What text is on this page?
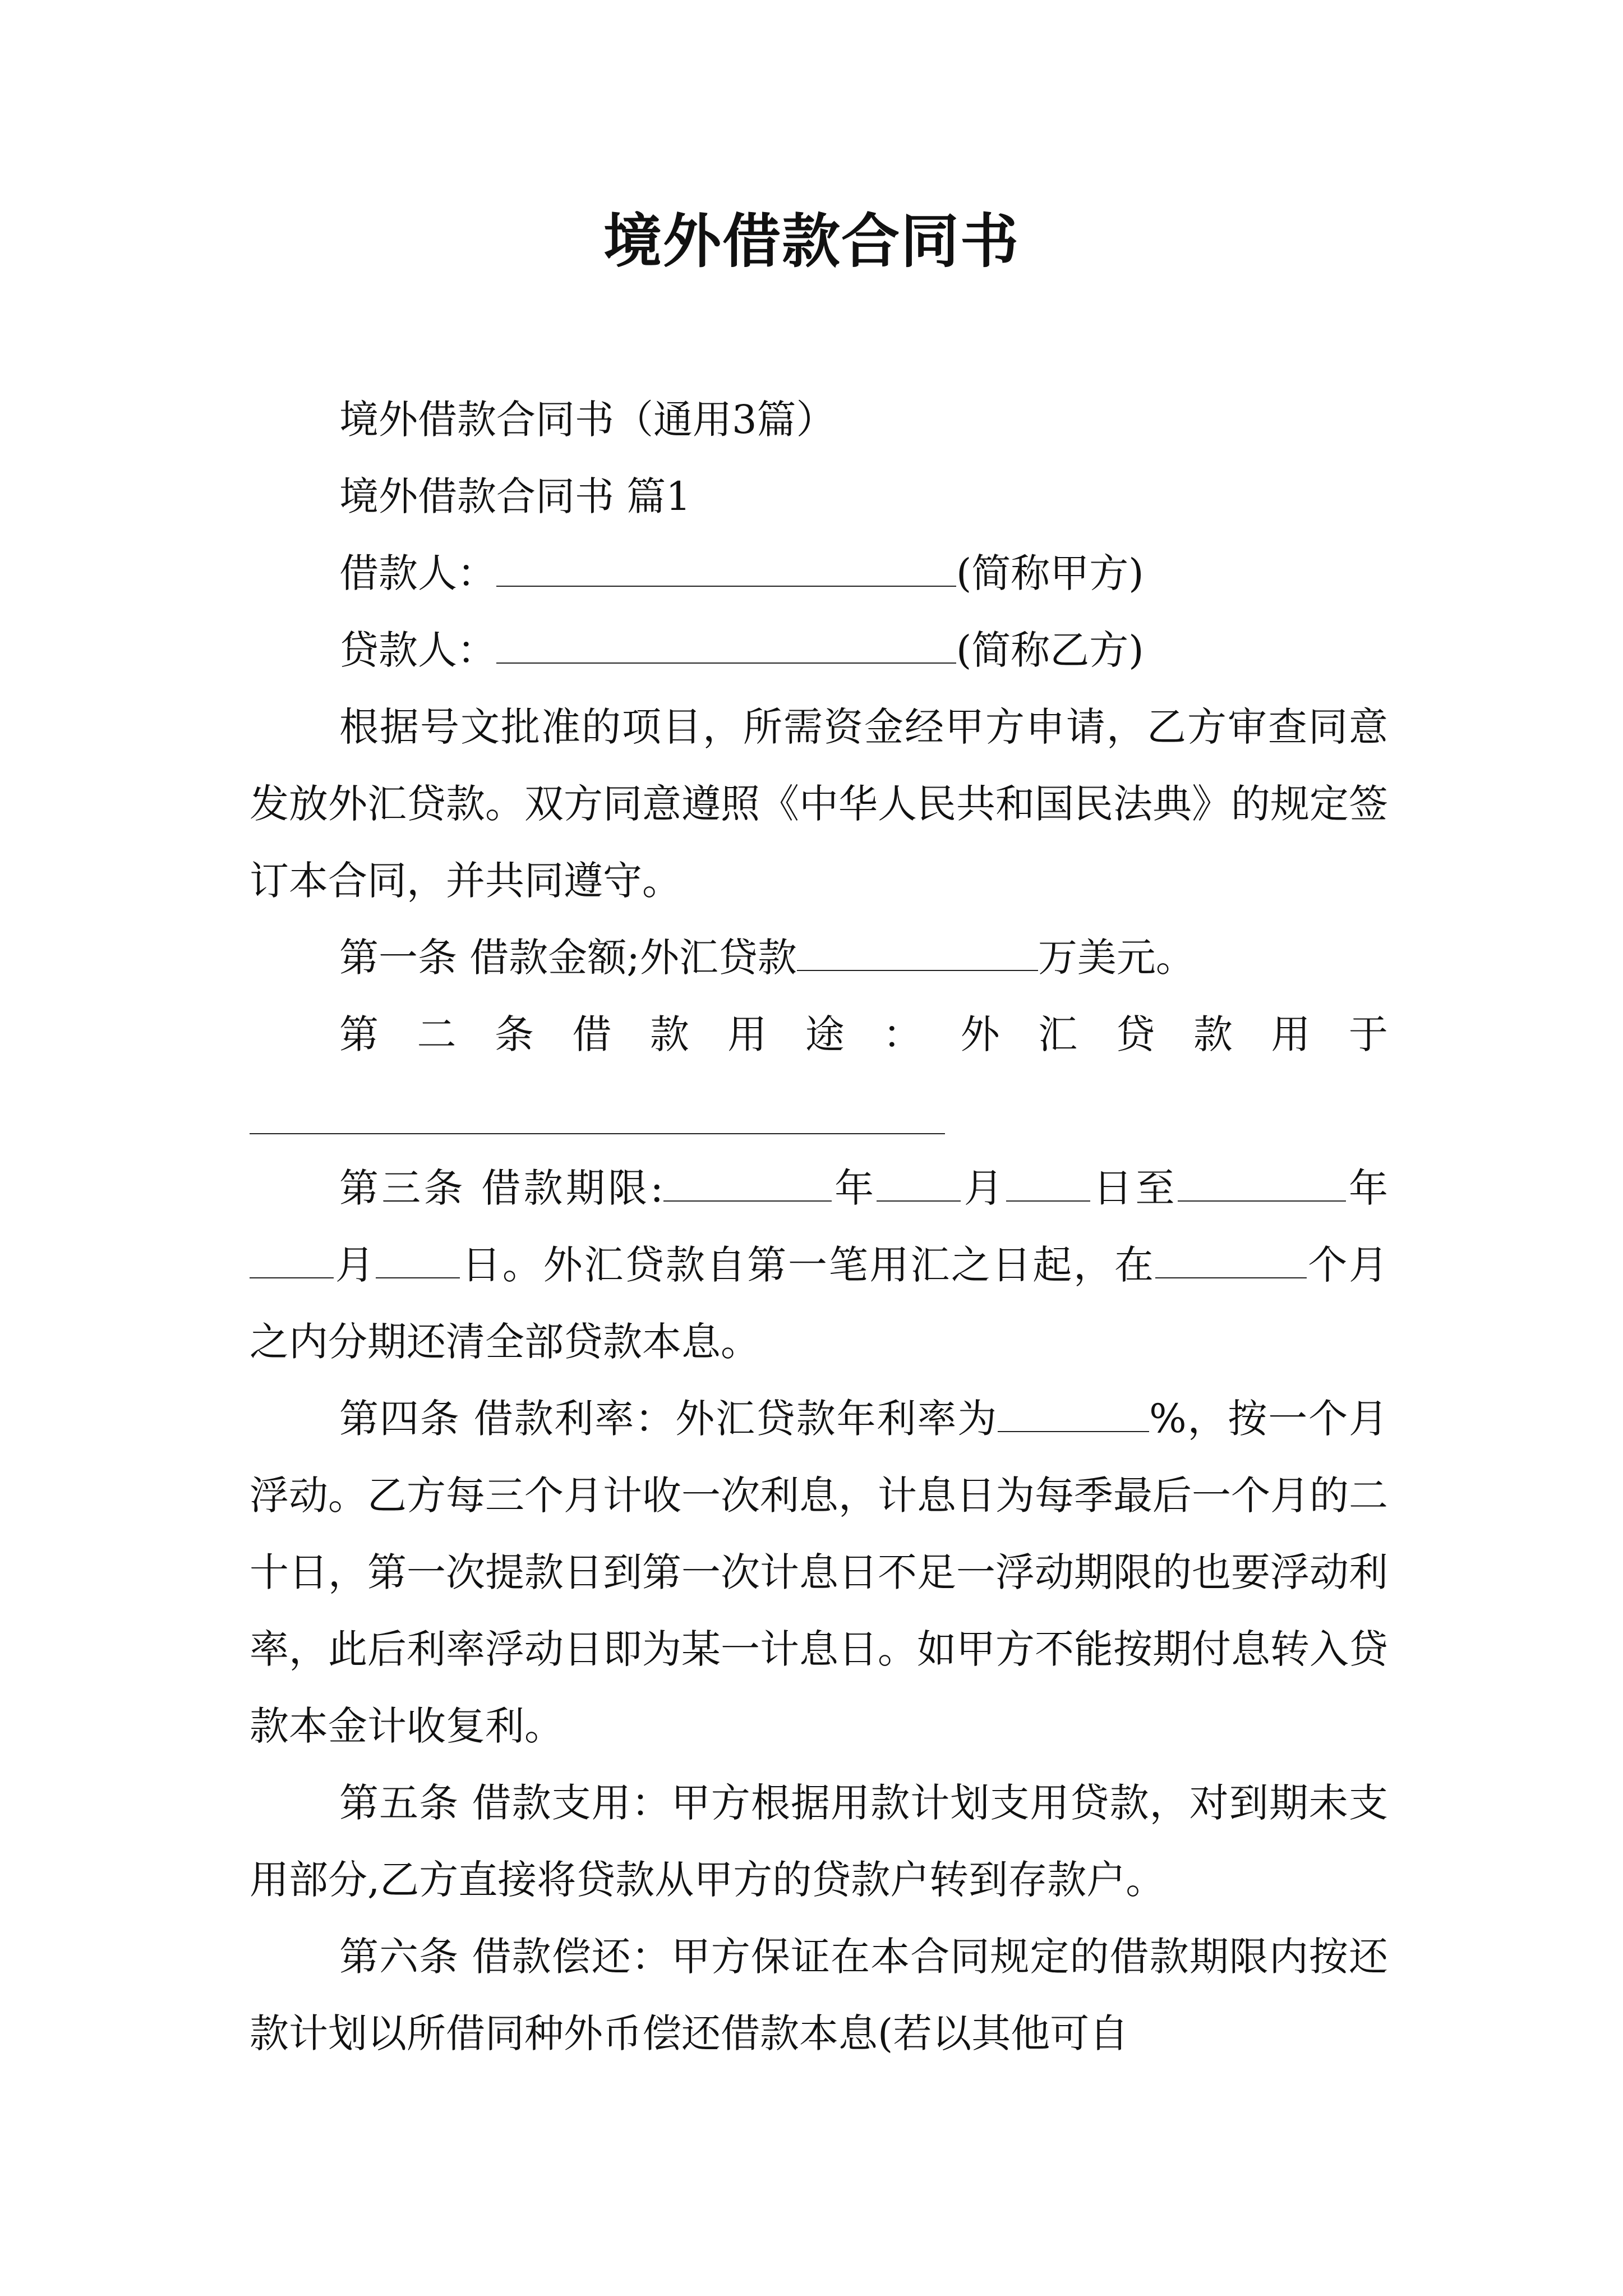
境外借款合同书

境外借款合同书（通用3篇）

境外借款合同书 篇1

借款人：	(简称甲方)

贷款人：	(简称乙方)

根据号文批准的项目，所需资金经甲方申请，乙方审查同意发放外汇贷款。双方同意遵照《中华人民共和国民法典》的规定签订本合同，并共同遵守。

第一条 借款金额;外汇贷款	万美元。

第 二 条 借 款 用 途 ： 外 汇 贷 款 用 于

第三条 借款期限:	年 月 日至	年月 日。外汇贷款自第一笔用汇之日起，在	个月之内分期还清全部贷款本息。

第四条 借款利率：外汇贷款年利率为	%，按一个月浮动。乙方每三个月计收一次利息，计息日为每季最后一个月的二十日，第一次提款日到第一次计息日不足一浮动期限的也要浮动利率，此后利率浮动日即为某一计息日。如甲方不能按期付息转入贷款本金计收复利。

第五条 借款支用：甲方根据用款计划支用贷款，对到期未支用部分,乙方直接将贷款从甲方的贷款户转到存款户。

第六条 借款偿还：甲方保证在本合同规定的借款期限内按还款计划以所借同种外币偿还借款本息(若以其他可自
